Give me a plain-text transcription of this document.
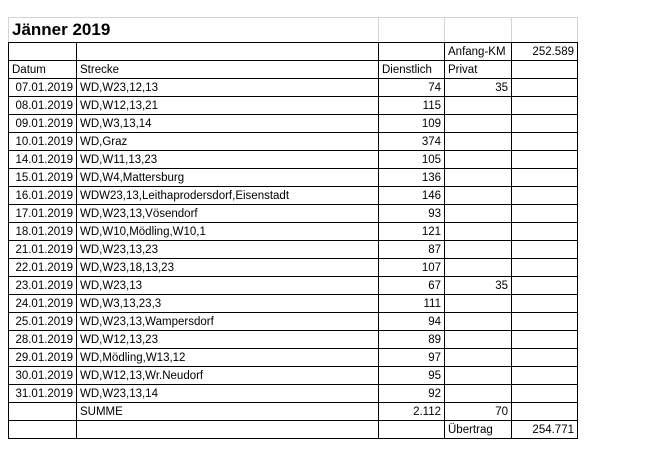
Jänner 2019				
			Anfang-KM	252.589
Datum	Strecke	Dienstlich	Privat	
07.01.2019	WD,W23,12,13	74	35	
08.01.2019	WD,W12,13,21	115		
09.01.2019	WD,W3,13,14	109		
10.01.2019	WD,Graz	374		
14.01.2019	WD,W11,13,23	105		
15.01.2019	WD,W4,Mattersburg	136		
16.01.2019	WDW23,13,Leithaprodersdorf,Eisenstadt	146		
17.01.2019	WD,W23,13,Vösendorf	93		
18.01.2019	WD,W10,Mödling,W10,1	121		
21.01.2019	WD,W23,13,23	87		
22.01.2019	WD,W23,18,13,23	107		
23.01.2019	WD,W23,13	67	35	
24.01.2019	WD,W3,13,23,3	111		
25.01.2019	WD,W23,13,Wampersdorf	94		
28.01.2019	WD,W12,13,23	89		
29.01.2019	WD,Mödling,W13,12	97		
30.01.2019	WD,W12,13,Wr.Neudorf	95		
31.01.2019	WD,W23,13,14	92		
	SUMME	2.112	70	
			Übertrag	254.771
